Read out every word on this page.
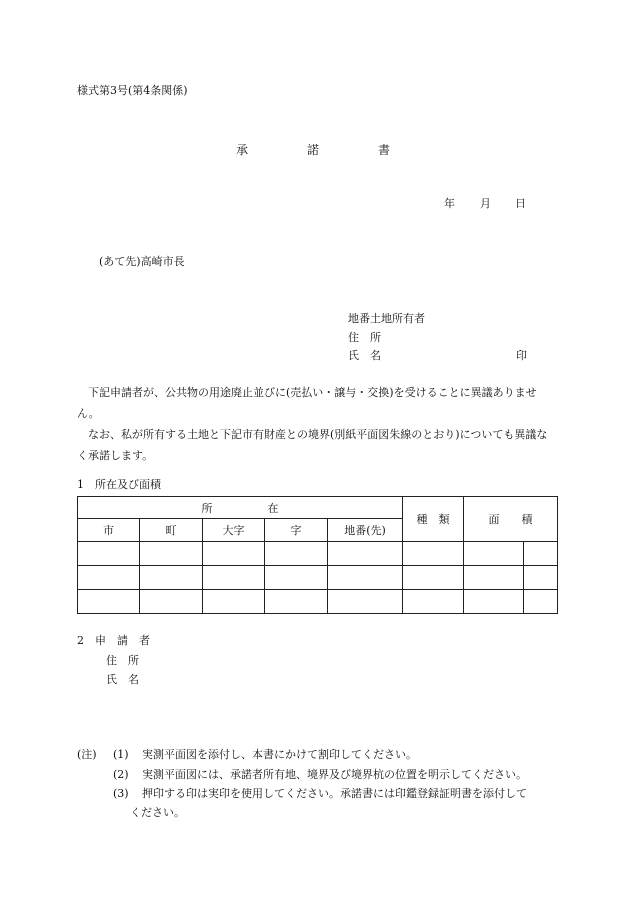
様式第3号(第4条関係)
承	諾	書
年 月 日
(あて先)高崎市長
地番土地所有者
住　所
氏　名	印
下記申請者が、公共物の用途廃止並びに(売払い・譲与・交換)を受けることに異議ありません。
なお、私が所有する土地と下記市有財産との境界(別紙平面図朱線のとおり)についても異議なく承諾します。
1　所在及び面積
所　　　　　在					種　類	面　　積	
市	町	大字	字	地番(先)			

2　申　請　者
住　所
氏　名
(注) (1) 実測平面図を添付し、本書にかけて割印してください。
(2) 実測平面図には、承諾者所有地、境界及び境界杭の位置を明示してください。
(3) 押印する印は実印を使用してください。承諾書には印鑑登録証明書を添付して
ください。
